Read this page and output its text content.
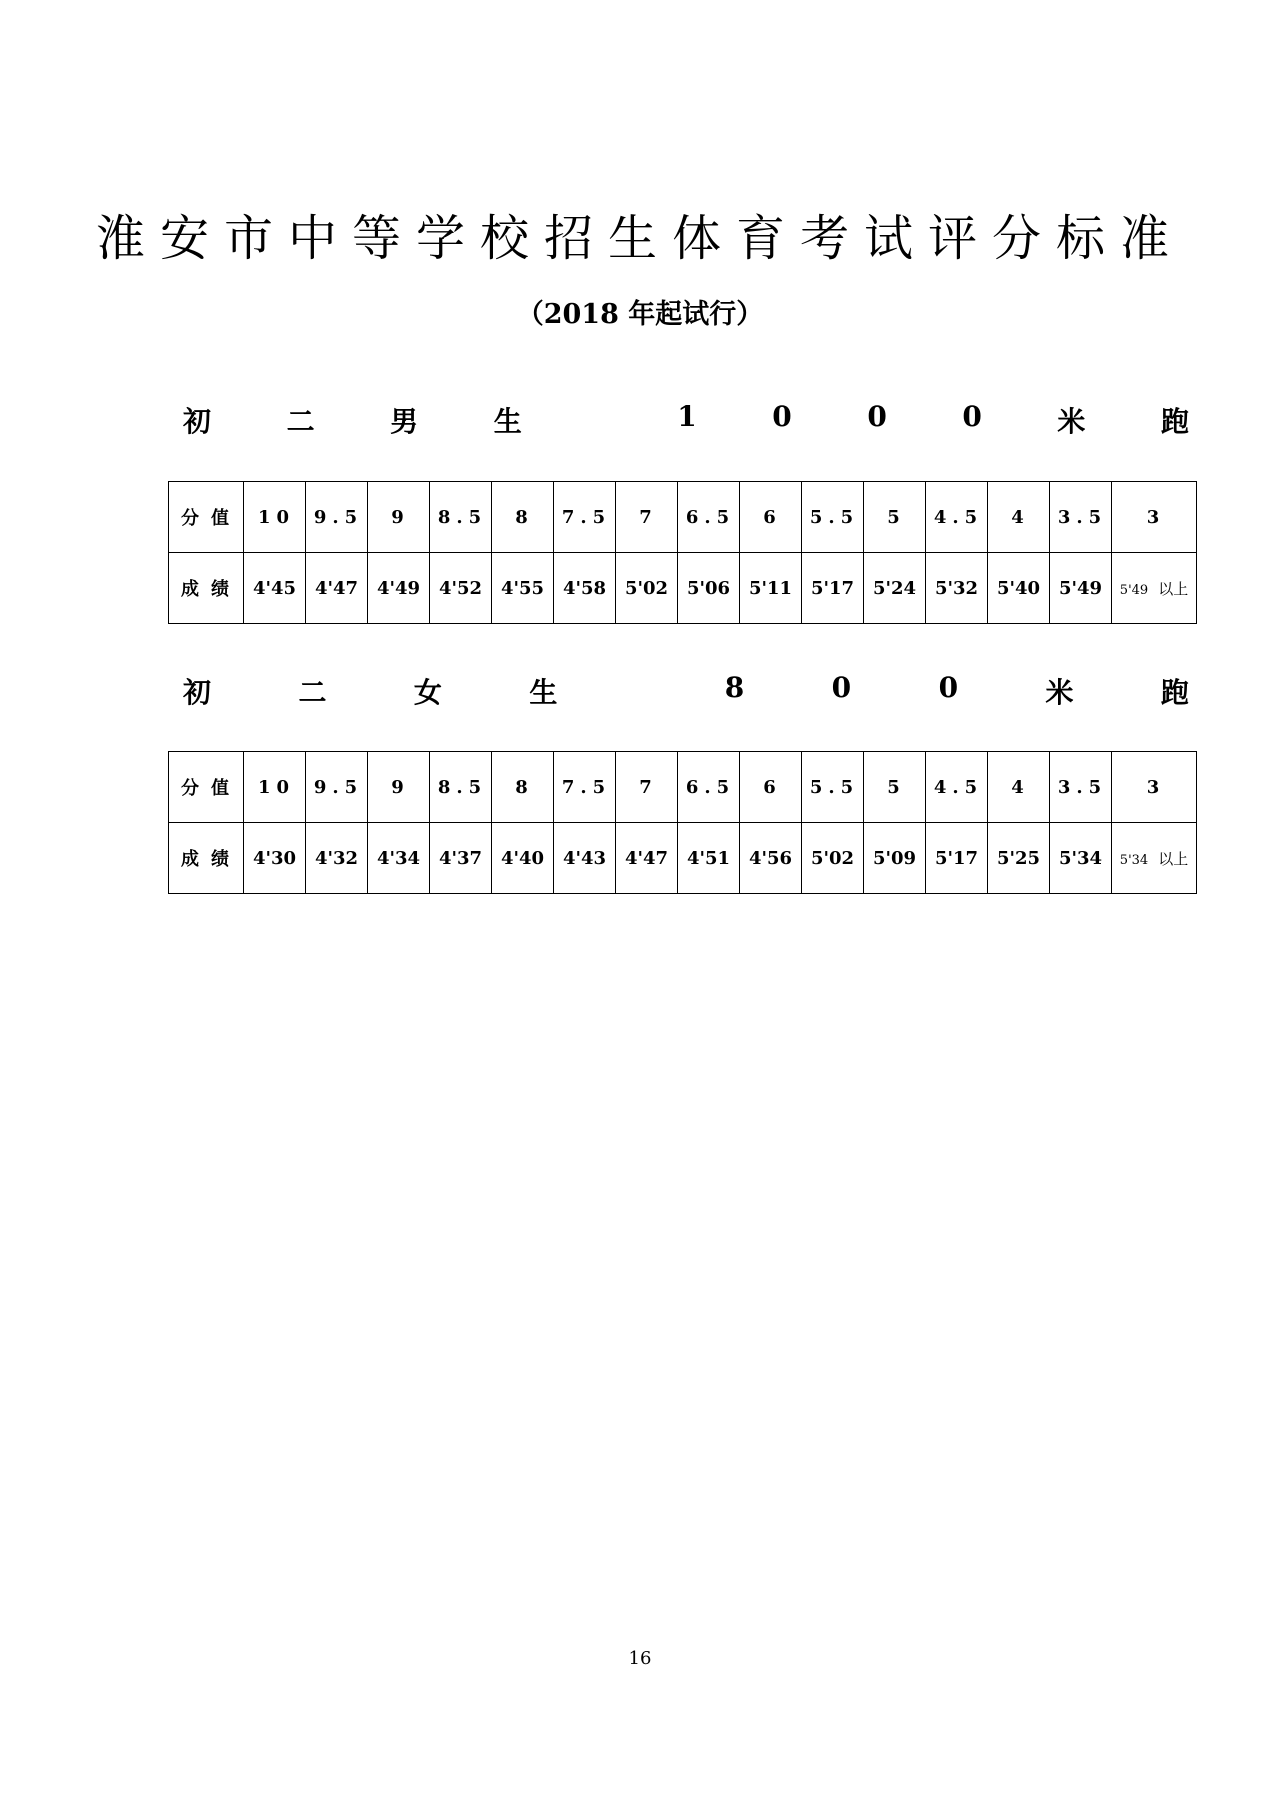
淮安市中等学校招生体育考试评分标准
（2018 年起试行）
初	二	男	生	1	0	0	0	米	跑
分值	10	9.5	9	8.5	8	7.5	7	6.5	6	5.5	5	4.5	4	3.5	3
成绩	4'45	4'47	4'49	4'52	4'55	4'58	5'02	5'06	5'11	5'17	5'24	5'32	5'40	5'49	5'49 以上
初	二	女	生	8	0	0	米	跑
分值	10	9.5	9	8.5	8	7.5	7	6.5	6	5.5	5	4.5	4	3.5	3
成绩	4'30	4'32	4'34	4'37	4'40	4'43	4'47	4'51	4'56	5'02	5'09	5'17	5'25	5'34	5'34 以上
16
